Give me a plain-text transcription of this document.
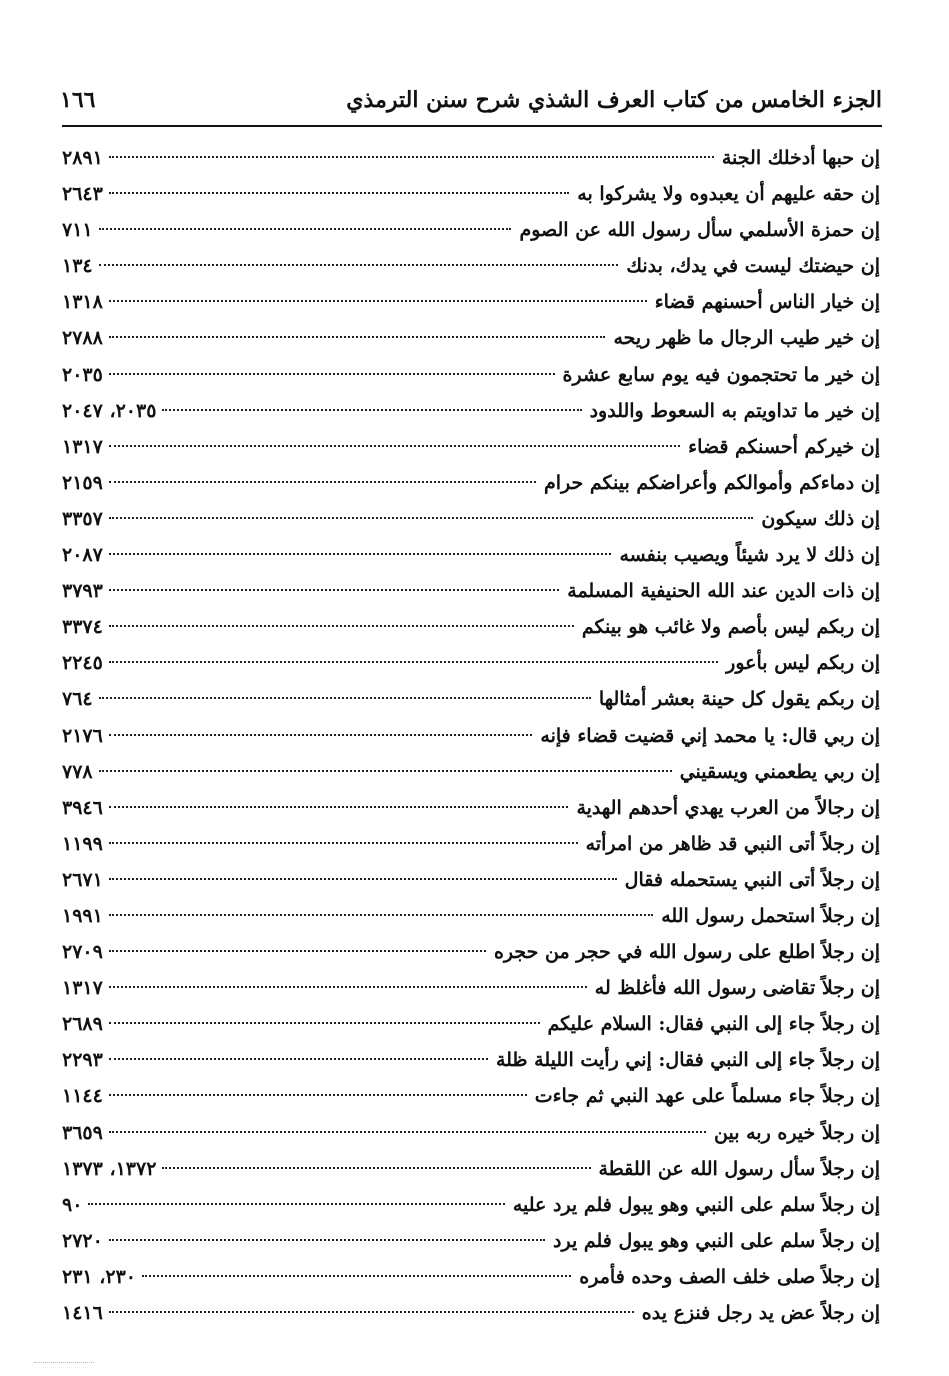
الجزء الخامس من كتاب العرف الشذي شرح سنن الترمذي
١٦٦
إن حبها أدخلك الجنة
٢٨٩١
إن حقه عليهم أن يعبدوه ولا يشركوا به
٢٦٤٣
إن حمزة الأسلمي سأل رسول الله عن الصوم
٧١١
إن حيضتك ليست في يدك، بدنك
١٣٤
إن خيار الناس أحسنهم قضاء
١٣١٨
إن خير طيب الرجال ما ظهر ريحه
٢٧٨٨
إن خير ما تحتجمون فيه يوم سابع عشرة
٢٠٣٥
إن خير ما تداويتم به السعوط واللدود
٢٠٣٥، ٢٠٤٧
إن خيركم أحسنكم قضاء
١٣١٧
إن دماءكم وأموالكم وأعراضكم بينكم حرام
٢١٥٩
إن ذلك سيكون
٣٣٥٧
إن ذلك لا يرد شيئاً ويصيب بنفسه
٢٠٨٧
إن ذات الدين عند الله الحنيفية المسلمة
٣٧٩٣
إن ربكم ليس بأصم ولا غائب هو بينكم
٣٣٧٤
إن ربكم ليس بأعور
٢٢٤٥
إن ربكم يقول كل حينة بعشر أمثالها
٧٦٤
إن ربي قال: يا محمد إني قضيت قضاء فإنه
٢١٧٦
إن ربي يطعمني ويسقيني
٧٧٨
إن رجالاً من العرب يهدي أحدهم الهدية
٣٩٤٦
إن رجلاً أتى النبي قد ظاهر من امرأته
١١٩٩
إن رجلاً أتى النبي يستحمله فقال
٢٦٧١
إن رجلاً استحمل رسول الله
١٩٩١
إن رجلاً اطلع على رسول الله في حجر من حجره
٢٧٠٩
إن رجلاً تقاضى رسول الله فأغلظ له
١٣١٧
إن رجلاً جاء إلى النبي فقال: السلام عليكم
٢٦٨٩
إن رجلاً جاء إلى النبي فقال: إني رأيت الليلة ظلة
٢٢٩٣
إن رجلاً جاء مسلماً على عهد النبي ثم جاءت
١١٤٤
إن رجلاً خيره ربه بين
٣٦٥٩
إن رجلاً سأل رسول الله عن اللقطة
١٣٧٢، ١٣٧٣
إن رجلاً سلم على النبي وهو يبول فلم يرد عليه
٩٠
إن رجلاً سلم على النبي وهو يبول فلم يرد
٢٧٢٠
إن رجلاً صلى خلف الصف وحده فأمره
٢٣٠، ٢٣١
إن رجلاً عض يد رجل فنزع يده
١٤١٦
